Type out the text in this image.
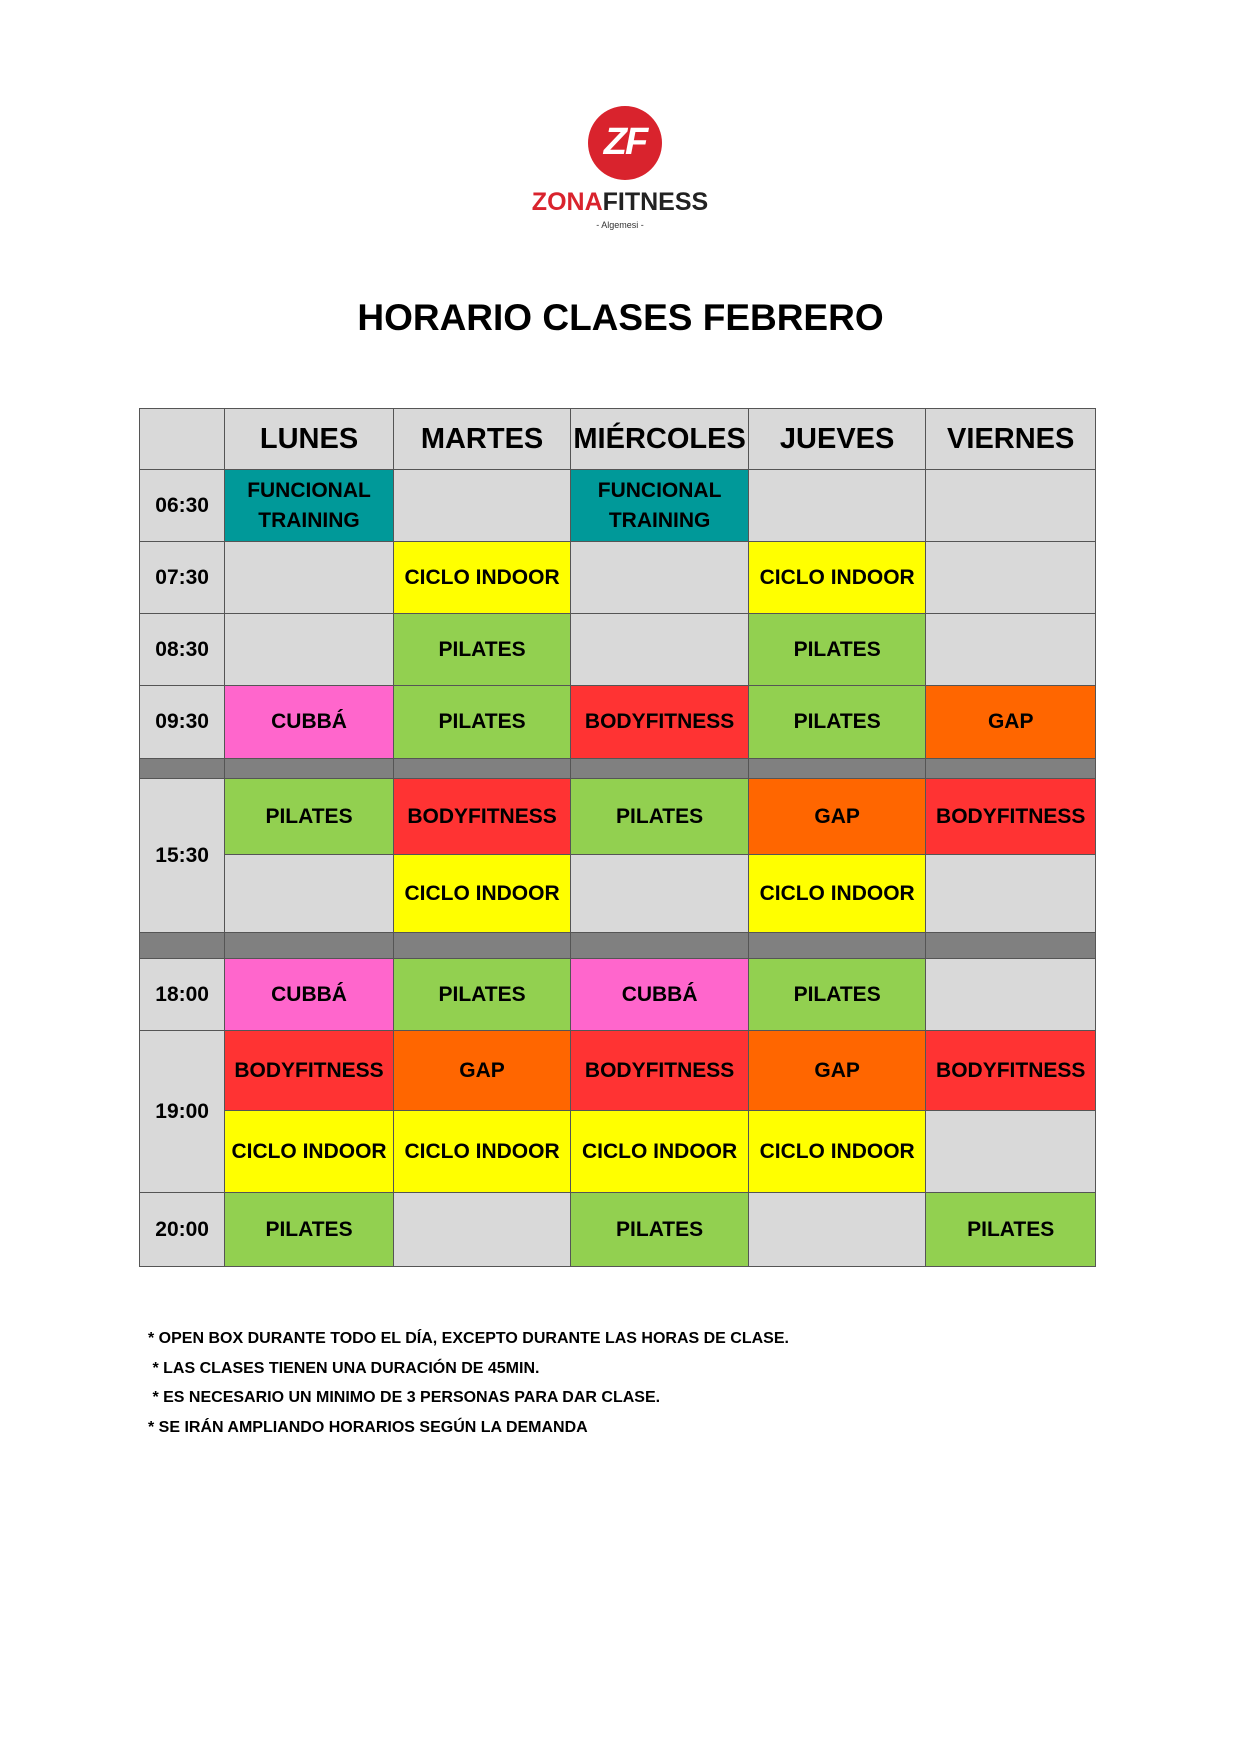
ZF
ZONAFITNESS
- Algemesi -
HORARIO CLASES FEBRERO
	LUNES	MARTES	MIÉRCOLES	JUEVES	VIERNES
06:30	FUNCIONAL TRAINING		FUNCIONAL TRAINING		
07:30		CICLO INDOOR		CICLO INDOOR	
08:30		PILATES		PILATES	
09:30	CUBBÁ	PILATES	BODYFITNESS	PILATES	GAP

15:30	PILATES	BODYFITNESS	PILATES	GAP	BODYFITNESS
		CICLO INDOOR		CICLO INDOOR	

18:00	CUBBÁ	PILATES	CUBBÁ	PILATES	
19:00	BODYFITNESS	GAP	BODYFITNESS	GAP	BODYFITNESS
	CICLO INDOOR	CICLO INDOOR	CICLO INDOOR	CICLO INDOOR	
20:00	PILATES		PILATES		PILATES
* OPEN BOX DURANTE TODO EL DÍA, EXCEPTO DURANTE LAS HORAS DE CLASE.
* LAS CLASES TIENEN UNA DURACIÓN DE 45MIN.
* ES NECESARIO UN MINIMO DE 3 PERSONAS PARA DAR CLASE.
* SE IRÁN AMPLIANDO HORARIOS SEGÚN LA DEMANDA
